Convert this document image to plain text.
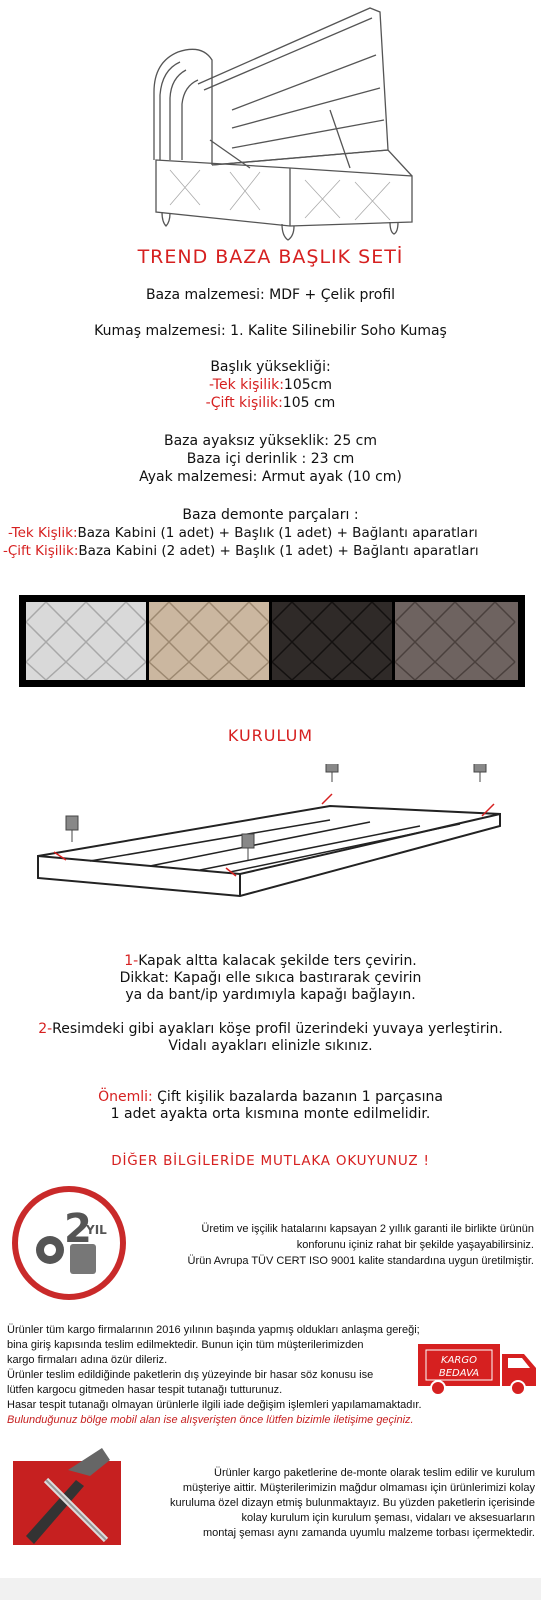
TREND BAZA BAŞLIK SETİ
Baza malzemesi: MDF + Çelik profil
Kumaş malzemesi: 1. Kalite Silinebilir Soho Kumaş
Başlık yüksekliği:
-Tek kişilik:105cm
-Çift kişilik:105 cm
Baza ayaksız yükseklik: 25 cm
Baza içi derinlik : 23 cm
Ayak malzemesi: Armut ayak (10 cm)
Baza demonte parçaları :
-Tek Kişlik:Baza Kabini (1 adet) + Başlık (1 adet) + Bağlantı aparatları
-Çift Kişilik:Baza Kabini (2 adet) + Başlık (1 adet) + Bağlantı aparatları
KURULUM
1-Kapak altta kalacak şekilde ters çevirin.
Dikkat: Kapağı elle sıkıca bastırarak çevirin
ya da bant/ip yardımıyla kapağı bağlayın.
2-Resimdeki gibi ayakları köşe profil üzerindeki yuvaya yerleştirin.
Vidalı ayakları elinizle sıkınız.
Önemli: Çift kişilik bazalarda bazanın 1 parçasına
1 adet ayakta orta kısmına monte edilmelidir.
DİĞER BİLGİLERİDE MUTLAKA OKUYUNUZ !
2
YIL	Üretim ve işçilik hatalarını kapsayan 2 yıllık garanti ile birlikte ürünün
konforunu içiniz rahat bir şekilde yaşayabilirsiniz.
Ürün Avrupa TÜV CERT ISO 9001 kalite standardına uygun üretilmiştir.
Ürünler tüm kargo firmalarının 2016 yılının başında yapmış oldukları anlaşma gereği;
bina giriş kapısında teslim edilmektedir. Bunun için tüm müşterilerimizden
kargo firmaları adına özür dileriz.
Ürünler teslim edildiğinde paketlerin dış yüzeyinde bir hasar söz konusu ise
lütfen kargocu gitmeden hasar tespit tutanağı tutturunuz.
Hasar tespit tutanağı olmayan ürünlerle ilgili iade değişim işlemleri yapılamamaktadır.
Bulunduğunuz bölge mobil alan ise alışverişten önce lütfen bizimle iletişime geçiniz.
KARGO
BEDAVA
Ürünler kargo paketlerine de-monte olarak teslim edilir ve kurulum
müşteriye aittir. Müşterilerimizin mağdur olmaması için ürünlerimizi kolay
kuruluma özel dizayn etmiş bulunmaktayız. Bu yüzden paketlerin içerisinde
kolay kurulum için kurulum şeması, vidaları ve aksesuarların
montaj şeması aynı zamanda uyumlu malzeme torbası içermektedir.
